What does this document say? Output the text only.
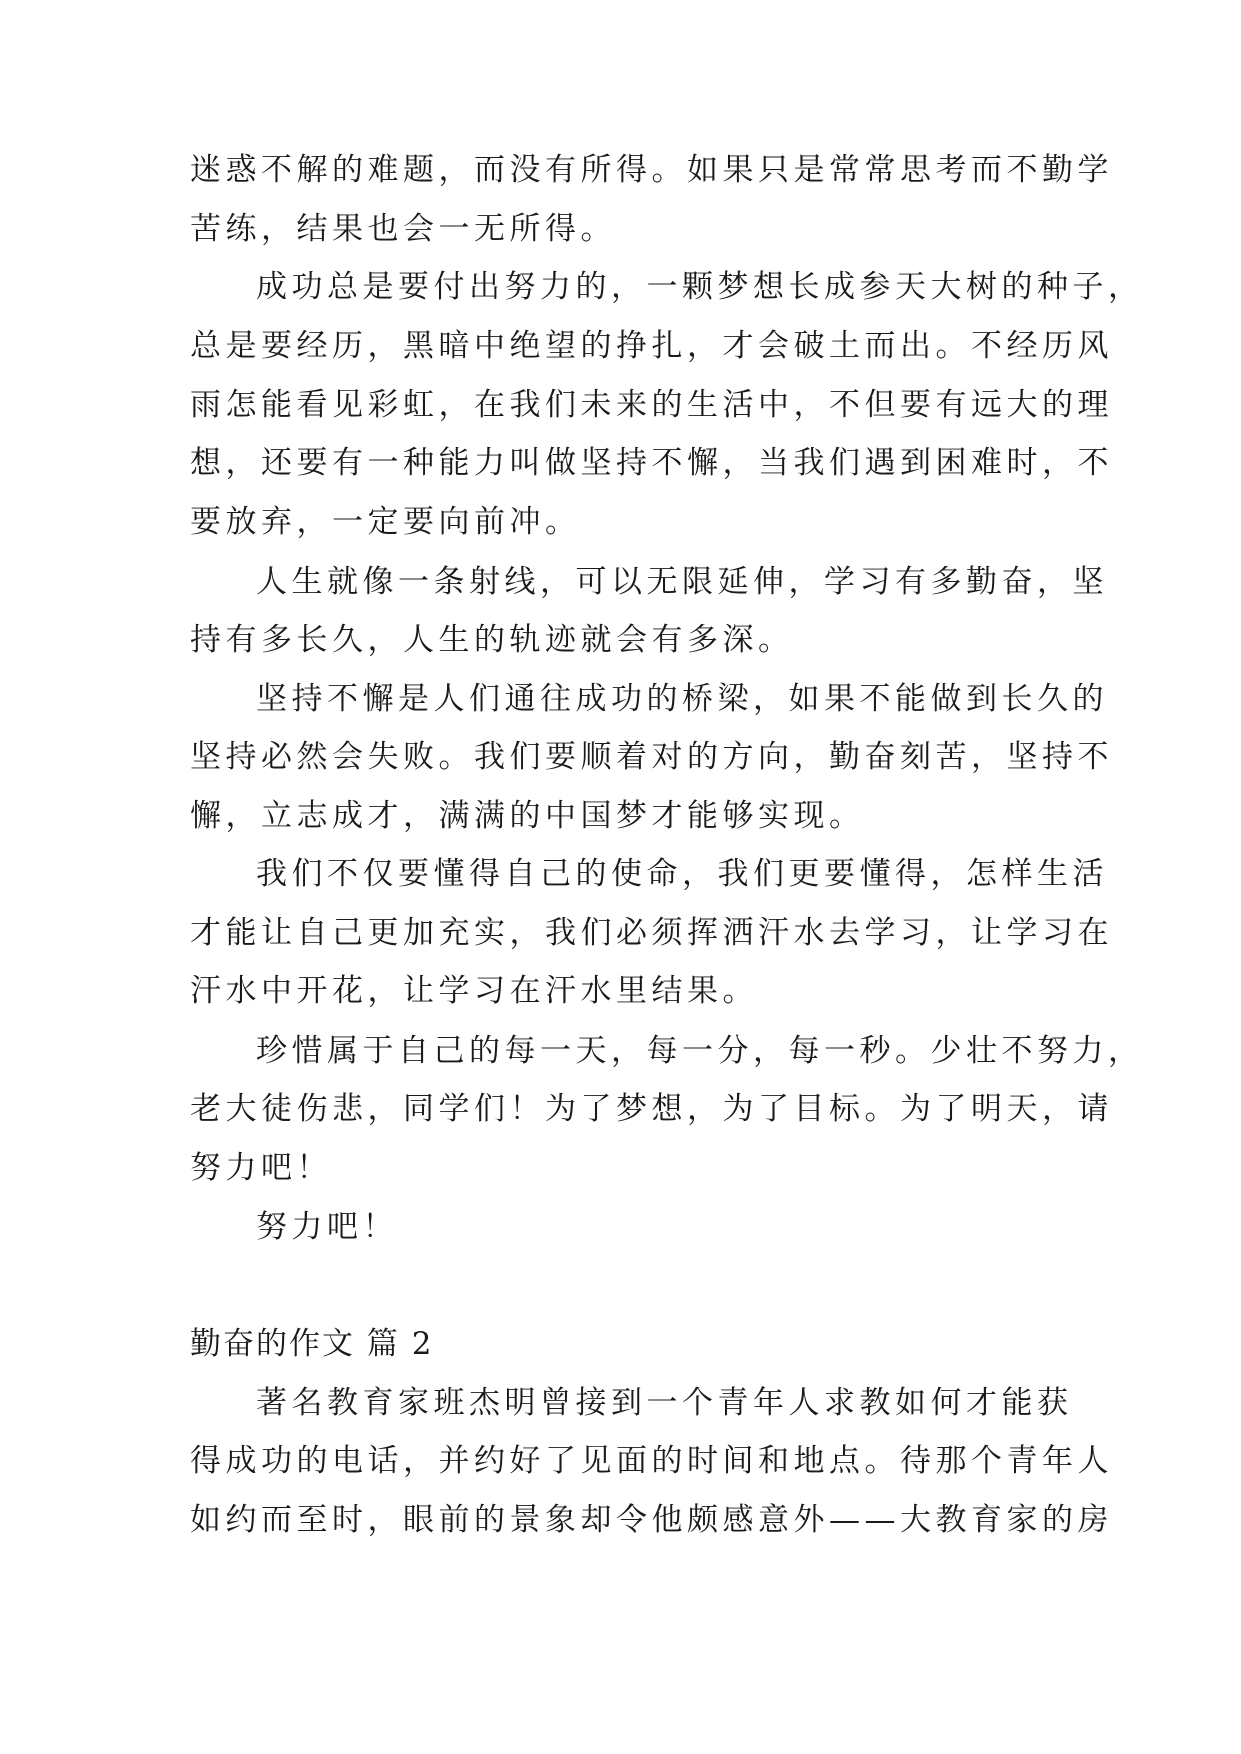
迷惑不解的难题，而没有所得。如果只是常常思考而不勤学
苦练，结果也会一无所得。
成功总是要付出努力的，一颗梦想长成参天大树的种子，
总是要经历，黑暗中绝望的挣扎，才会破土而出。不经历风
雨怎能看见彩虹，在我们未来的生活中，不但要有远大的理
想，还要有一种能力叫做坚持不懈，当我们遇到困难时，不
要放弃，一定要向前冲。
人生就像一条射线，可以无限延伸，学习有多勤奋，坚
持有多长久，人生的轨迹就会有多深。
坚持不懈是人们通往成功的桥梁，如果不能做到长久的
坚持必然会失败。我们要顺着对的方向，勤奋刻苦，坚持不
懈，立志成才，满满的中国梦才能够实现。
我们不仅要懂得自己的使命，我们更要懂得，怎样生活
才能让自己更加充实，我们必须挥洒汗水去学习，让学习在
汗水中开花，让学习在汗水里结果。
珍惜属于自己的每一天，每一分，每一秒。少壮不努力，
老大徒伤悲，同学们！为了梦想，为了目标。为了明天，请
努力吧！
努力吧！
勤奋的作文 篇 2
著名教育家班杰明曾接到一个青年人求教如何才能获
得成功的电话，并约好了见面的时间和地点。待那个青年人
如约而至时，眼前的景象却令他颇感意外——大教育家的房
